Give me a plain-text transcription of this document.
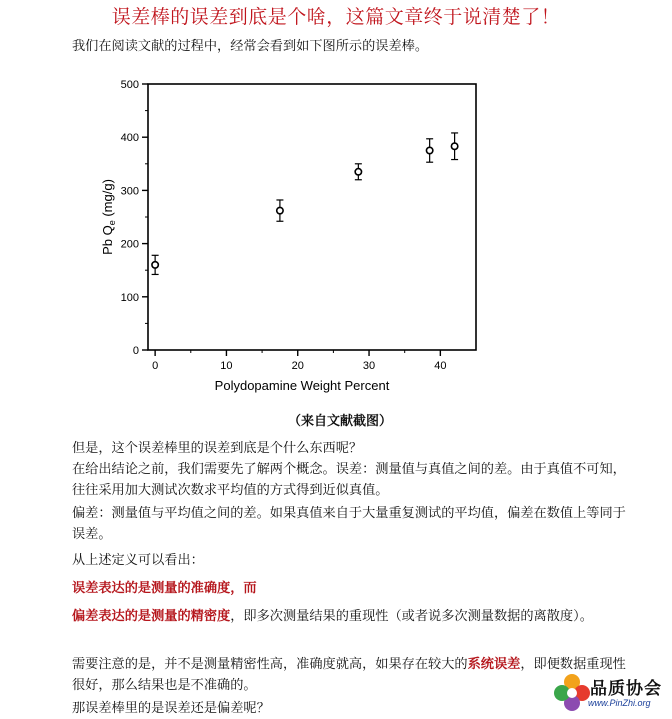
误差棒的误差到底是个啥，这篇文章终于说清楚了！

我们在阅读文献的过程中，经常会看到如下图所示的误差棒。

0
100
200
300
400
500
0	10	20	30	40
Polydopamine Weight Percent
Pb $Q_e$ (mg/g)
（来自文献截图）

但是，这个误差棒里的误差到底是个什么东西呢？
在给出结论之前，我们需要先了解两个概念。误差：测量值与真值之间的差。由于真值不可知，往往采用加大测试次数求平均值的方式得到近似真值。

偏差：测量值与平均值之间的差。如果真值来自于大量重复测试的平均值，偏差在数值上等同于误差。

从上述定义可以看出：

误差表达的是测量的准确度，而

偏差表达的是测量的精密度，即多次测量结果的重现性（或者说多次测量数据的离散度）。

需要注意的是，并不是测量精密性高，准确度就高，如果存在较大的系统误差，即便数据重现性很好，那么结果也是不准确的。

那误差棒里的是误差还是偏差呢？

品质协会
www.PinZhi.org
